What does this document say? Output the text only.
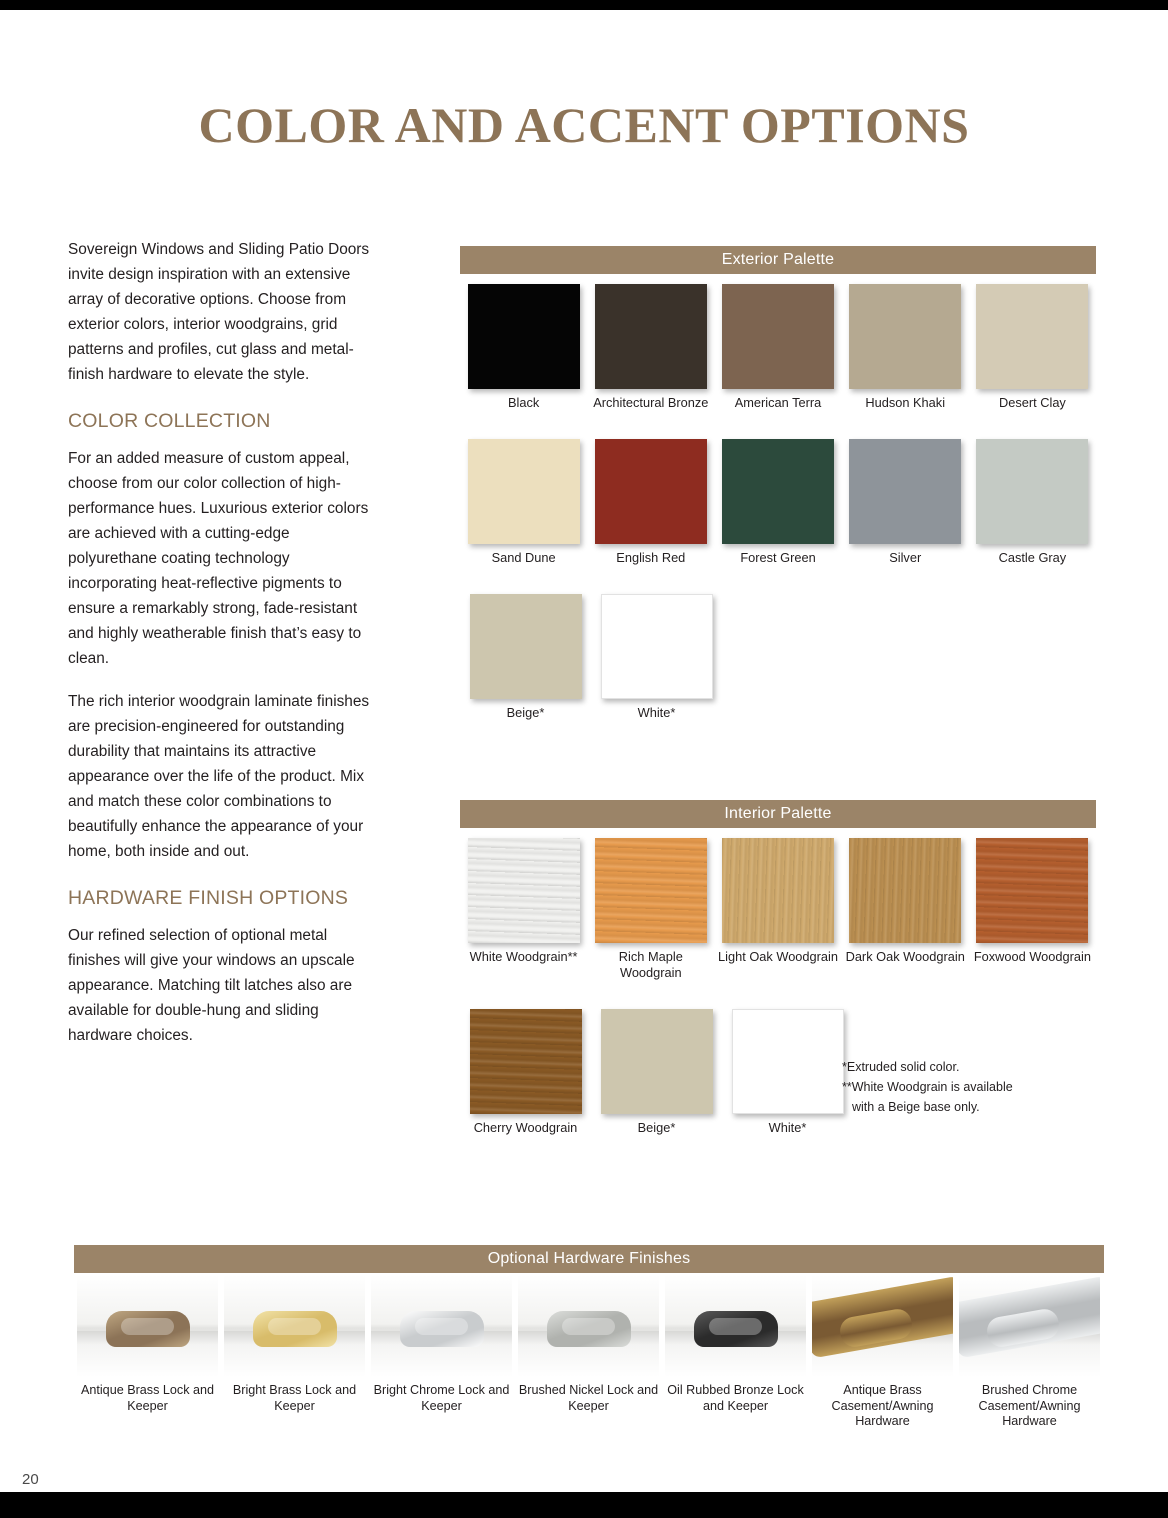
COLOR AND ACCENT OPTIONS

Sovereign Windows and Sliding Patio Doors invite design inspiration with an extensive array of decorative options. Choose from exterior colors, interior woodgrains, grid patterns and profiles, cut glass and metal-finish hardware to elevate the style.

COLOR COLLECTION

For an added measure of custom appeal, choose from our color collection of high-performance hues. Luxurious exterior colors are achieved with a cutting-edge polyurethane coating technology incorporating heat-reflective pigments to ensure a remarkably strong, fade-resistant and highly weatherable finish that’s easy to clean.

The rich interior woodgrain laminate finishes are precision-engineered for outstanding durability that maintains its attractive appearance over the life of the product. Mix and match these color combinations to beautifully enhance the appearance of your home, both inside and out.

HARDWARE FINISH OPTIONS

Our refined selection of optional metal finishes will give your windows an upscale appearance. Matching tilt latches also are available for double-hung and sliding hardware choices.

Exterior Palette
Black	Architectural Bronze	American Terra	Hudson Khaki	Desert Clay
Sand Dune	English Red	Forest Green	Silver	Castle Gray
Beige*	White*
Interior Palette
White Woodgrain**	Rich Maple Woodgrain
Light Oak Woodgrain Dark Oak Woodgrain Foxwood Woodgrain
Cherry Woodgrain	Beige*	White*
*Extruded solid color.
**White Woodgrain is available
with a Beige base only.
Optional Hardware Finishes
Antique Brass Lock and Keeper
Bright Brass Lock and Keeper
Bright Chrome Lock and Keeper
Brushed Nickel Lock and Keeper
Oil Rubbed Bronze Lock and Keeper
Antique Brass Casement/Awning Hardware
Brushed Chrome Casement/Awning Hardware
20
